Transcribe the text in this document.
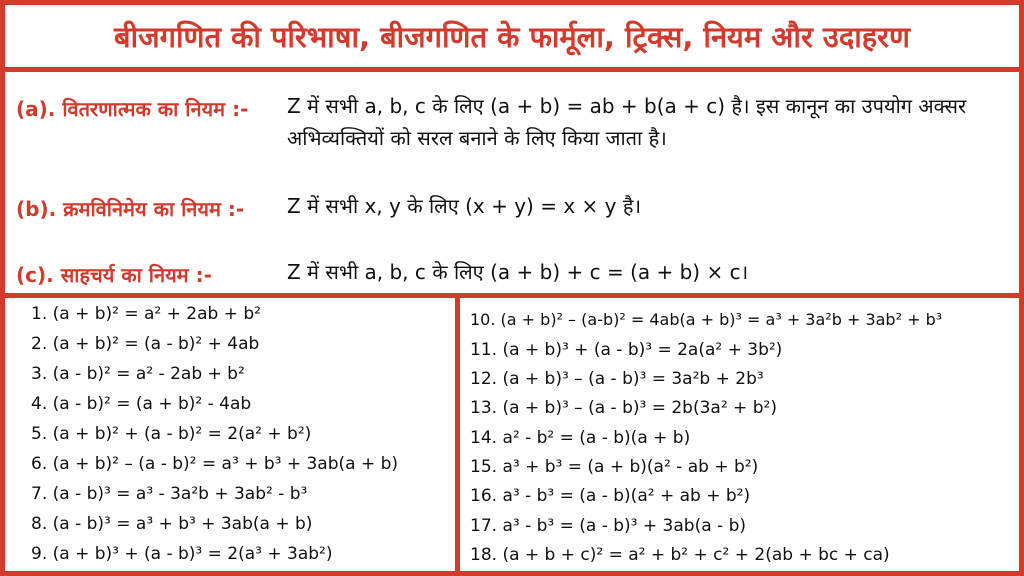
बीजगणित की परिभाषा, बीजगणित के फार्मूला, ट्रिक्स, नियम और उदाहरण
(a). वितरणात्मक का नियम :- Z में सभी a, b, c के लिए (a + b) = ab + b(a + c) है। इस कानून का उपयोग अक्सर अभिव्यक्तियों को सरल बनाने के लिए किया जाता है।
(b). क्रमविनिमेय का नियम :- Z में सभी x, y के लिए (x + y) = x × y है।
(c). साहचर्य का नियम :-	Z में सभी a, b, c के लिए (a + b) + c = (a + b) × c।
1. (a + b)² = a² + 2ab + b²
2. (a + b)² = (a - b)² + 4ab
3. (a - b)² = a² - 2ab + b²
4. (a - b)² = (a + b)² - 4ab
5. (a + b)² + (a - b)² = 2(a² + b²)
6. (a + b)² – (a - b)² = a³ + b³ + 3ab(a + b)
7. (a - b)³ = a³ - 3a²b + 3ab² - b³
8. (a - b)³ = a³ + b³ + 3ab(a + b)
9. (a + b)³ + (a - b)³ = 2(a³ + 3ab²)
10. (a + b)² – (a-b)² = 4ab(a + b)³ = a³ + 3a²b + 3ab² + b³
11. (a + b)³ + (a - b)³ = 2a(a² + 3b²)
12. (a + b)³ – (a - b)³ = 3a²b + 2b³
13. (a + b)³ – (a - b)³ = 2b(3a² + b²)
14. a² - b² = (a - b)(a + b)
15. a³ + b³ = (a + b)(a² - ab + b²)
16. a³ - b³ = (a - b)(a² + ab + b²)
17. a³ - b³ = (a - b)³ + 3ab(a - b)
18. (a + b + c)² = a² + b² + c² + 2(ab + bc + ca)
